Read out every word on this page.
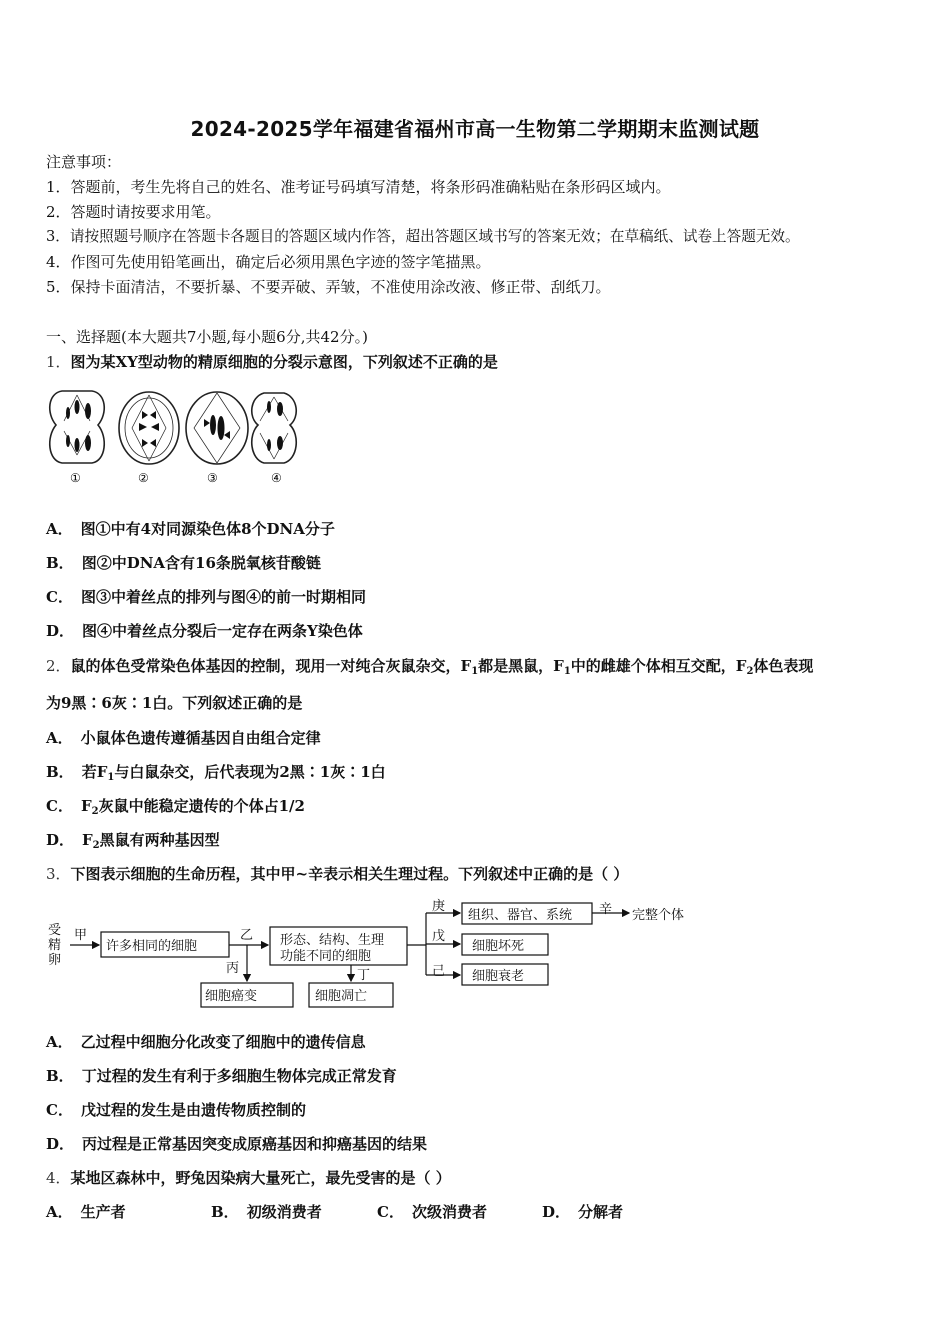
2024-2025学年福建省福州市高一生物第二学期期末监测试题
注意事项：
1．答题前，考生先将自己的姓名、准考证号码填写清楚，将条形码准确粘贴在条形码区域内。
2．答题时请按要求用笔。
3．请按照题号顺序在答题卡各题目的答题区域内作答，超出答题区域书写的答案无效；在草稿纸、试卷上答题无效。
4．作图可先使用铅笔画出，确定后必须用黑色字迹的签字笔描黑。
5．保持卡面清洁，不要折暴、不要弄破、弄皱，不准使用涂改液、修正带、刮纸刀。
一、选择题(本大题共7小题,每小题6分,共42分。)
1．图为某XY型动物的精原细胞的分裂示意图，下列叙述不正确的是
①	②	③	④
A． 图①中有4对同源染色体8个DNA分子
B． 图②中DNA含有16条脱氧核苷酸链
C． 图③中着丝点的排列与图④的前一时期相同
D． 图④中着丝点分裂后一定存在两条Y染色体
2．鼠的体色受常染色体基因的控制，现用一对纯合灰鼠杂交，$F_1$都是黑鼠，$F_1$中的雌雄个体相互交配，$F_2$体色表现
为9黑∶6灰∶1白。下列叙述正确的是
A． 小鼠体色遗传遵循基因自由组合定律
B． 若$F_1$与白鼠杂交，后代表现为2黑∶1灰∶1白
C． $F_2$灰鼠中能稳定遗传的个体占1/2
D． $F_2$黑鼠有两种基因型
3．下图表示细胞的生命历程，其中甲~辛表示相关生理过程。下列叙述中正确的是（ ）
受
精
卵
甲
许多相同的细胞
乙
丙
形态、结构、生理
功能不同的细胞
丁
细胞癌变	细胞凋亡
庚
戊
己
组织、器官、系统
细胞坏死
细胞衰老
辛 完整个体
A． 乙过程中细胞分化改变了细胞中的遗传信息
B． 丁过程的发生有利于多细胞生物体完成正常发育
C． 戊过程的发生是由遗传物质控制的
D． 丙过程是正常基因突变成原癌基因和抑癌基因的结果
4．某地区森林中，野兔因染病大量死亡，最先受害的是（ ）
A． 生产者	B． 初级消费者	C． 次级消费者	D． 分解者
